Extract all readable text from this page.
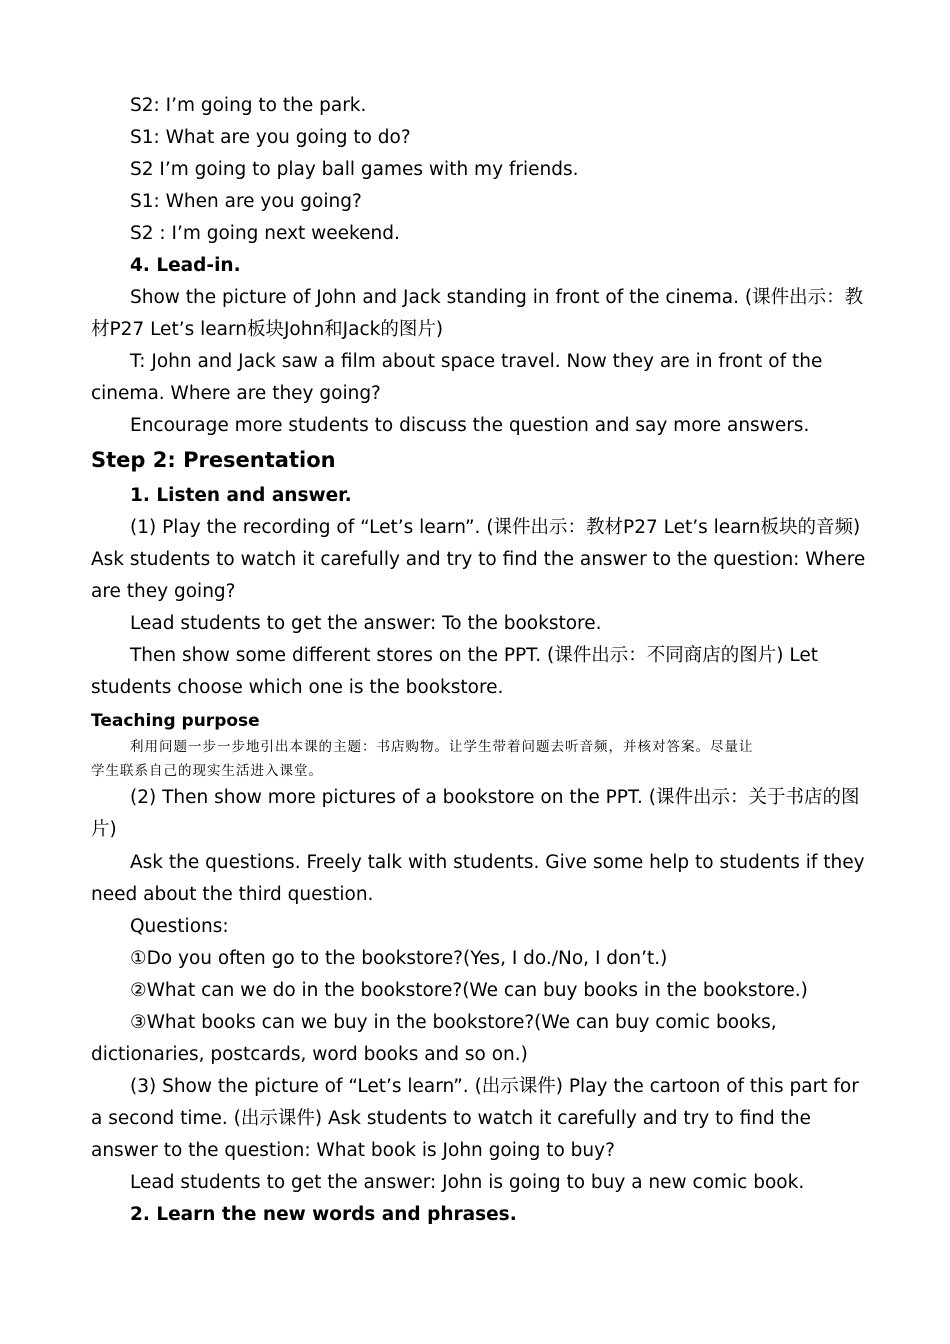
S2: I’m going to the park.
S1: What are you going to do?
S2 I’m going to play ball games with my friends.
S1: When are you going?
S2 : I’m going next weekend.
4. Lead-in.
Show the picture of John and Jack standing in front of the cinema. (课件出示：教
材P27 Let’s learn板块John和Jack的图片)
T: John and Jack saw a film about space travel. Now they are in front of the
cinema. Where are they going?
Encourage more students to discuss the question and say more answers.
Step 2: Presentation
1. Listen and answer.
(1) Play the recording of “Let’s learn”. (课件出示：教材P27 Let’s learn板块的音频)
Ask students to watch it carefully and try to find the answer to the question: Where
are they going?
Lead students to get the answer: To the bookstore.
Then show some different stores on the PPT. (课件出示：不同商店的图片) Let
students choose which one is the bookstore.
Teaching purpose
利用问题一步一步地引出本课的主题：书店购物。让学生带着问题去听音频，并核对答案。尽量让
学生联系自己的现实生活进入课堂。
(2) Then show more pictures of a bookstore on the PPT. (课件出示：关于书店的图
片)
Ask the questions. Freely talk with students. Give some help to students if they
need about the third question.
Questions:
①Do you often go to the bookstore?(Yes, I do./No, I don’t.)
②What can we do in the bookstore?(We can buy books in the bookstore.)
③What books can we buy in the bookstore?(We can buy comic books,
dictionaries, postcards, word books and so on.)
(3) Show the picture of “Let’s learn”. (出示课件) Play the cartoon of this part for
a second time. (出示课件) Ask students to watch it carefully and try to find the
answer to the question: What book is John going to buy?
Lead students to get the answer: John is going to buy a new comic book.
2. Learn the new words and phrases.
